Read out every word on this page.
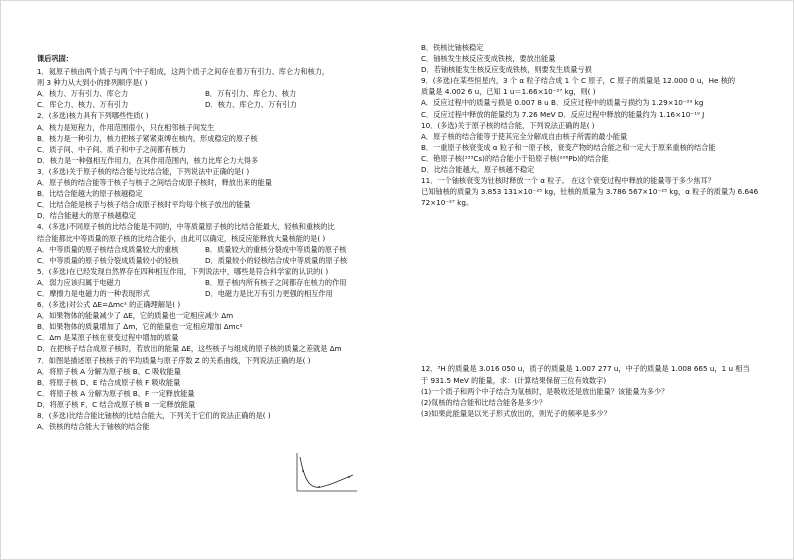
课后巩固：
1．氦原子核由两个质子与两个中子组成，这两个质子之间存在着万有引力、库仑力和核力，
则 3 种力从大到小的排列顺序是( )
A．核力、万有引力、库仑力	B．万有引力、库仑力、核力
C．库仑力、核力、万有引力	D．核力、库仑力、万有引力
2．(多选)核力具有下列哪些性质( )
A．核力是短程力，作用范围很小，只在相邻核子间发生
B．核力是一种引力，核力把核子紧紧束缚在核内，形成稳定的原子核
C．质子间、中子间、质子和中子之间都有核力
D．核力是一种强相互作用力，在其作用范围内，核力比库仑力大得多
3．(多选)关于原子核的结合能与比结合能，下列说法中正确的是( )
A．原子核的结合能等于核子与核子之间结合成原子核时，释放出来的能量
B．比结合能越大的原子核越稳定
C．比结合能是核子与核子结合成原子核时平均每个核子放出的能量
D．结合能越大的原子核越稳定
4．(多选)不同原子核的比结合能是不同的，中等质量原子核的比结合能最大，轻核和重核的比
结合能都比中等质量的原子核的比结合能小，由此可以确定，核反应能释放大量核能的是( )
A．中等质量的原子核结合成质量较大的重核	B．质量较大的重核分裂成中等质量的原子核
C．中等质量的原子核分裂成质量较小的轻核	D．质量较小的轻核结合成中等质量的原子核
5．(多选)在已经发现自然界存在四种相互作用，下列说法中，哪些是符合科学家的认识的( )
A．弱力应该归属于电磁力	B．原子核内所有核子之间都存在核力的作用
C．摩擦力是电磁力的一种表现形式	D．电磁力是比万有引力更强的相互作用
6．(多选)对公式 ΔE=Δmc² 的正确理解是( )
A．如果物体的能量减少了 ΔE，它的质量也一定相应减少 Δm
B．如果物体的质量增加了 Δm，它的能量也一定相应增加 Δmc²
C．Δm 是某原子核在衰变过程中增加的质量
D．在把核子结合成原子核时，若放出的能量 ΔE，这些核子与组成的原子核的质量之差就是 Δm
7．如图是描述原子核核子的平均质量与原子序数 Z 的关系曲线，下列说法正确的是( )
A．将原子核 A 分解为原子核 B、C 吸收能量
B．将原子核 D、E 结合成原子核 F 吸收能量
C．将原子核 A 分解为原子核 B、F 一定释放能量
D．将原子核 F、C 结合成原子核 B 一定释放能量
8．(多选)比结合能比铀核的比结合能大，下列关于它们的说法正确的是( )
A．铁核的结合能大于铀核的结合能
B．铁核比铀核稳定
C．铀核发生核反应变成铁核，要放出能量
D．若铀核能发生核反应变成铁核，则要发生质量亏损
9．(多选)在某些恒星内，3 个 α 粒子结合成 1 个 C 原子，C 原子的质量是 12.000 0 u，He 核的
质量是 4.002 6 u，已知 1 u＝1.66×10⁻²⁷ kg，则( )
A．反应过程中的质量亏损是 0.007 8 u B．反应过程中的质量亏损约为 1.29×10⁻²⁹ kg
C．反应过程中释放的能量约为 7.26 MeV D．反应过程中释放的能量约为 1.16×10⁻¹⁹ J
10．(多选)关于原子核的结合能，下列说法正确的是( )
A．原子核的结合能等于使其完全分解成自由核子所需的最小能量
B．一重原子核衰变成 α 粒子和一原子核，衰变产物的结合能之和一定大于原来重核的结合能
C．铯原子核(¹³³Cs)的结合能小于铅原子核(²⁰⁸Pb)的结合能
D．比结合能越大，原子核越不稳定
11．一个铀核衰变为钍核时释放一个 α 粒子。 在这个衰变过程中释放的能量等于多少焦耳？
已知铀核的质量为 3.853 131×10⁻²⁵ kg，钍核的质量为 3.786 567×10⁻²⁵ kg，α 粒子的质量为 6.646
72×10⁻²⁷ kg。
12．³H 的质量是 3.016 050 u，质子的质量是 1.007 277 u，中子的质量是 1.008 665 u，1 u 相当
于 931.5 MeV 的能量，求：(计算结果保留三位有效数字)
(1)一个质子和两个中子结合为氚核时，是吸收还是放出能量？该能量为多少？
(2)氚核的结合能和比结合能各是多少？
(3)如果此能量是以光子形式放出的，则光子的频率是多少？
